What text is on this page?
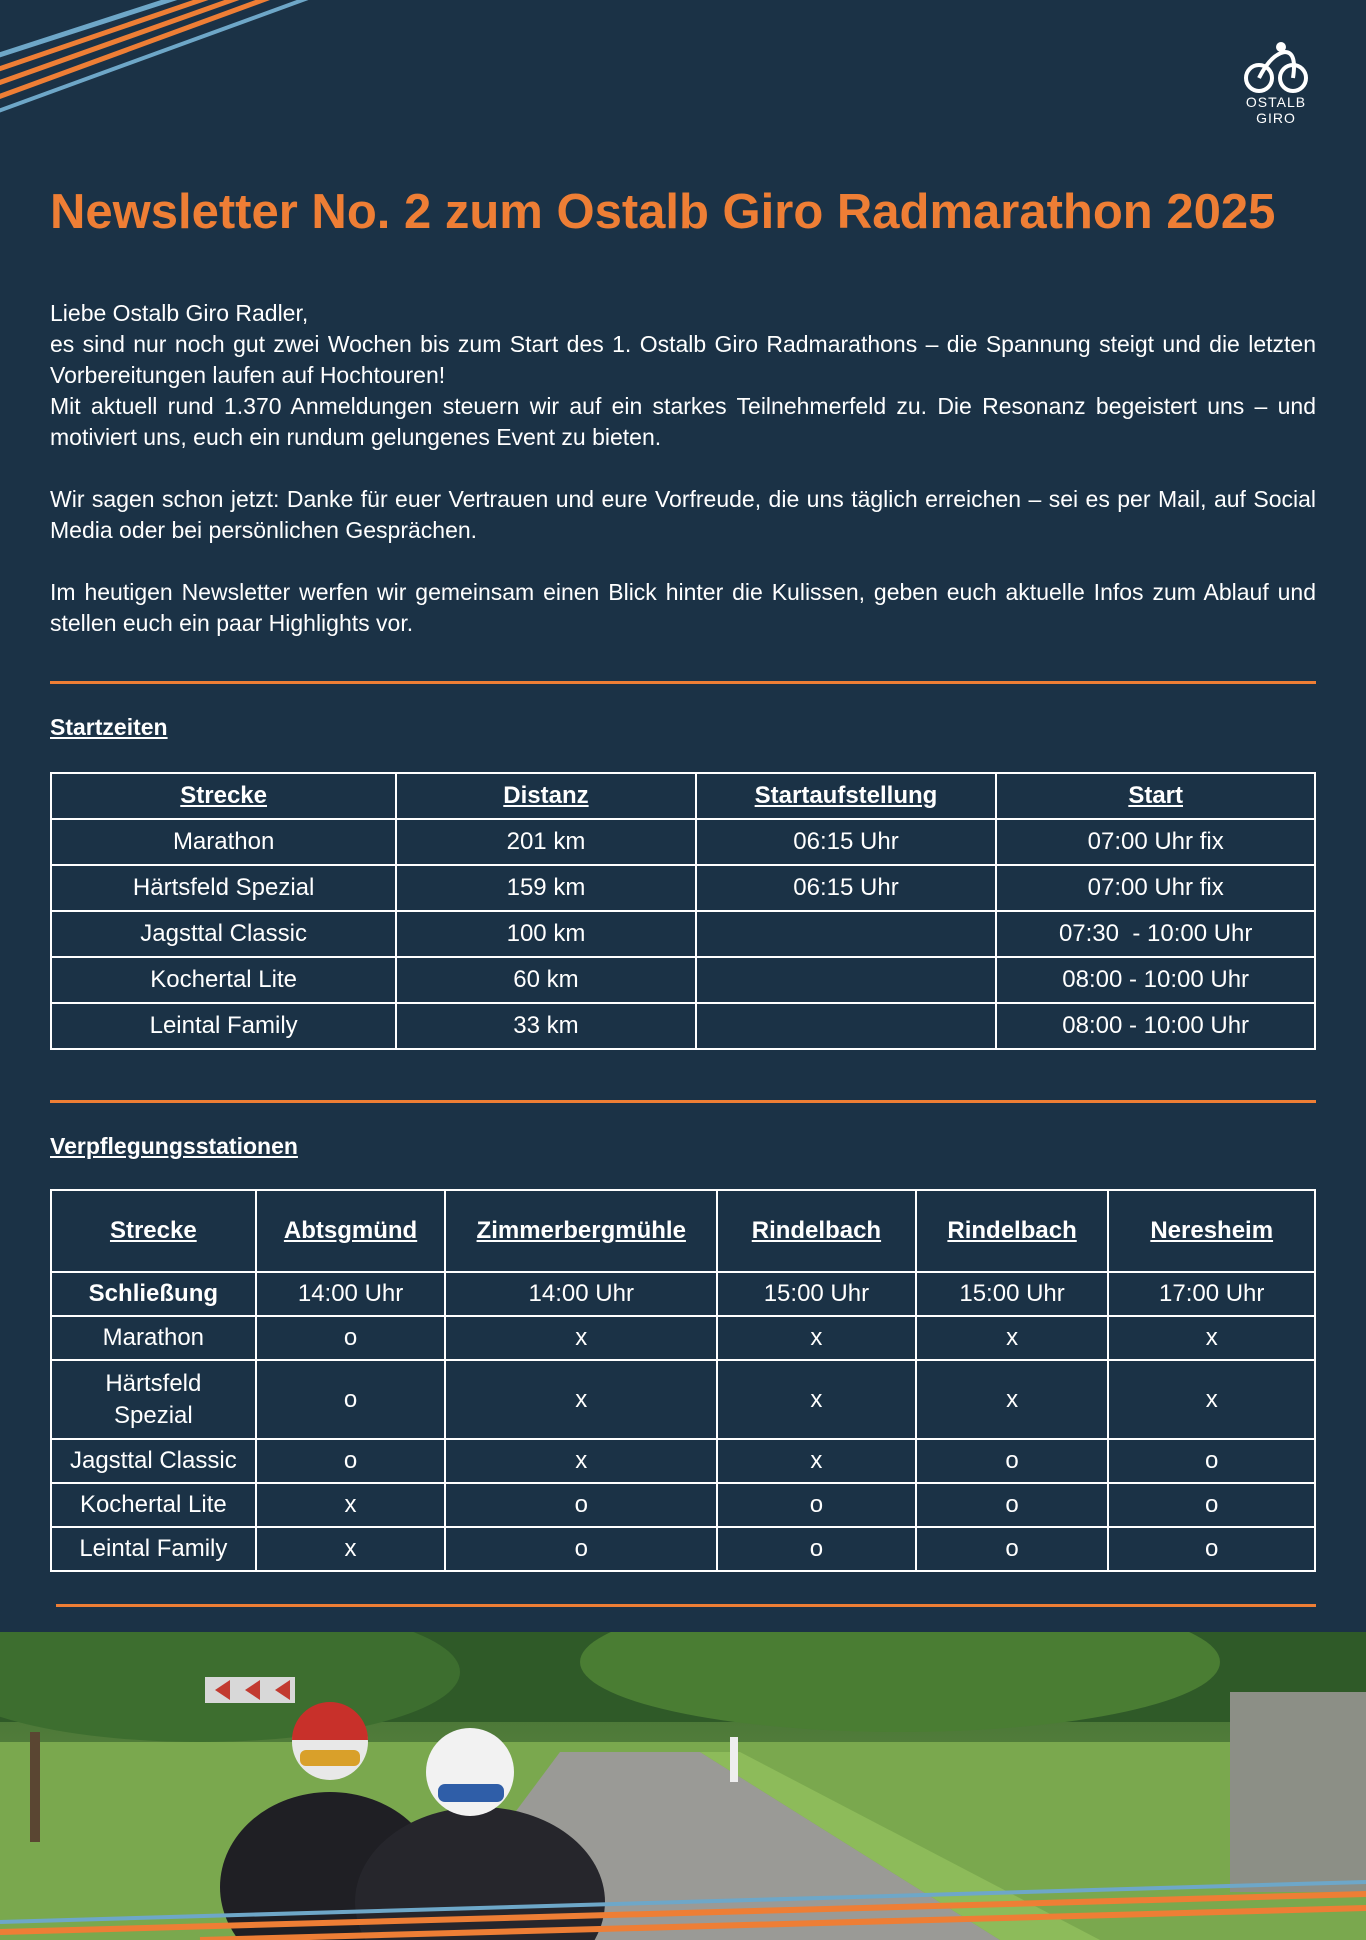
OSTALB
GIRO
Newsletter No. 2 zum Ostalb Giro Radmarathon 2025

Liebe Ostalb Giro Radler,

es sind nur noch gut zwei Wochen bis zum Start des 1. Ostalb Giro Radmarathons – die Spannung steigt und die letzten Vorbereitungen laufen auf Hochtouren!

Mit aktuell rund 1.370 Anmeldungen steuern wir auf ein starkes Teilnehmerfeld zu. Die Resonanz begeistert uns – und motiviert uns, euch ein rundum gelungenes Event zu bieten.

Wir sagen schon jetzt: Danke für euer Vertrauen und eure Vorfreude, die uns täglich erreichen – sei es per Mail, auf Social Media oder bei persönlichen Gesprächen.

Im heutigen Newsletter werfen wir gemeinsam einen Blick hinter die Kulissen, geben euch aktuelle Infos zum Ablauf und stellen euch ein paar Highlights vor.

Startzeiten
Strecke	Distanz	Startaufstellung	Start
Marathon	201 km	06:15 Uhr	07:00 Uhr fix
Härtsfeld Spezial	159 km	06:15 Uhr	07:00 Uhr fix
Jagsttal Classic	100 km		07:30  - 10:00 Uhr
Kochertal Lite	60 km		08:00 - 10:00 Uhr
Leintal Family	33 km		08:00 - 10:00 Uhr
Verpflegungsstationen
Strecke	Abtsgmünd	Zimmerbergmühle	Rindelbach	Rindelbach	Neresheim
Schließung	14:00 Uhr	14:00 Uhr	15:00 Uhr	15:00 Uhr	17:00 Uhr
Marathon	o	x	x	x	x
Härtsfeld Spezial	o	x	x	x	x
Jagsttal Classic	o	x	x	o	o
Kochertal Lite	x	o	o	o	o
Leintal Family	x	o	o	o	o
